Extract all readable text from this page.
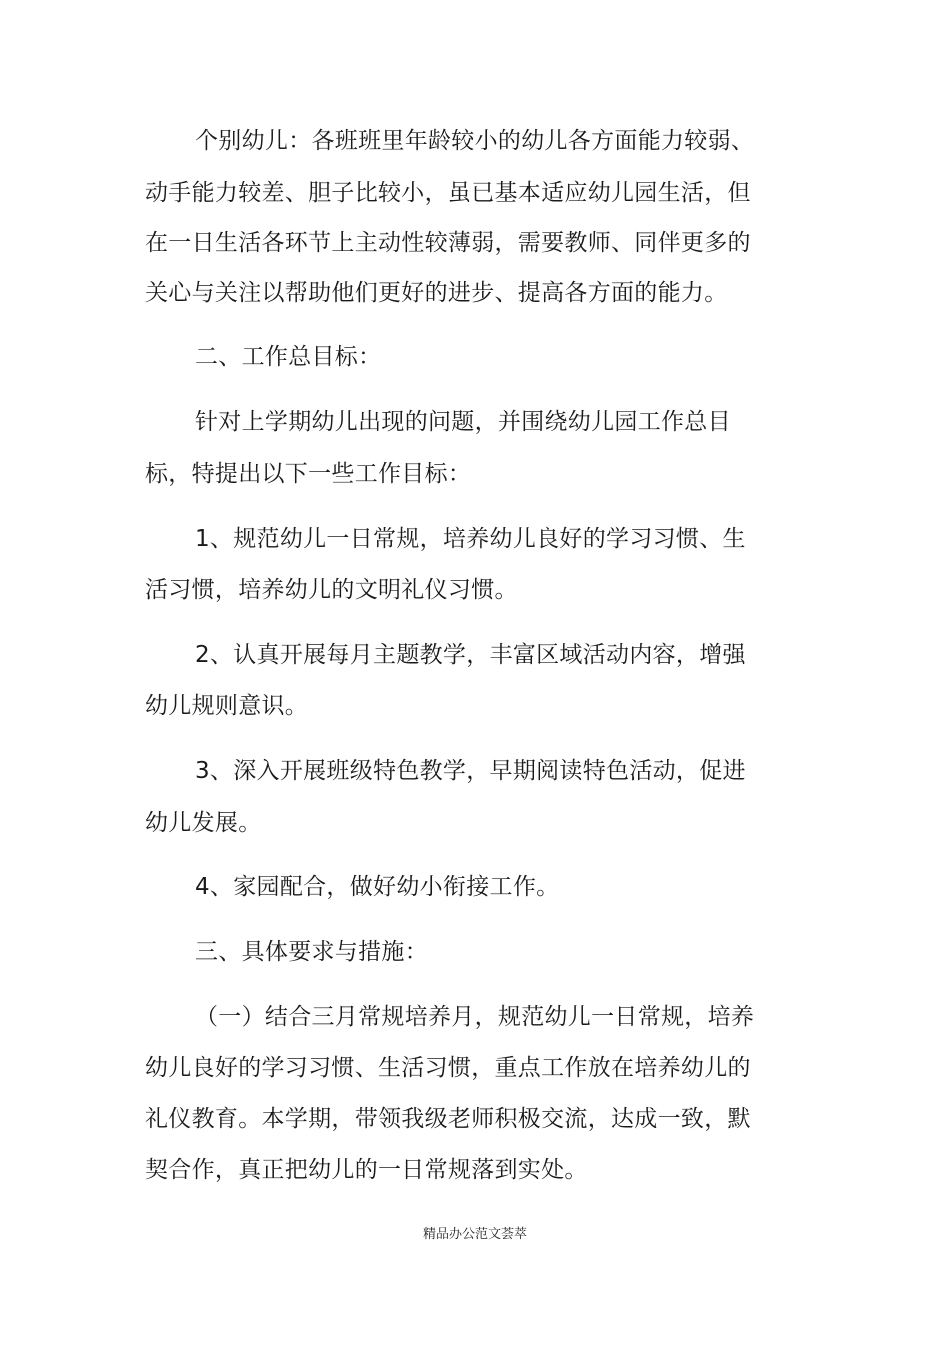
个别幼儿：各班班里年龄较小的幼儿各方面能力较弱、
动手能力较差、胆子比较小，虽已基本适应幼儿园生活，但
在一日生活各环节上主动性较薄弱，需要教师、同伴更多的
关心与关注以帮助他们更好的进步、提高各方面的能力。
二、工作总目标：
针对上学期幼儿出现的问题，并围绕幼儿园工作总目
标，特提出以下一些工作目标：
1、规范幼儿一日常规，培养幼儿良好的学习习惯、生
活习惯，培养幼儿的文明礼仪习惯。
2、认真开展每月主题教学，丰富区域活动内容，增强
幼儿规则意识。
3、深入开展班级特色教学，早期阅读特色活动，促进
幼儿发展。
4、家园配合，做好幼小衔接工作。
三、具体要求与措施：
（一）结合三月常规培养月，规范幼儿一日常规，培养
幼儿良好的学习习惯、生活习惯，重点工作放在培养幼儿的
礼仪教育。本学期，带领我级老师积极交流，达成一致，默
契合作，真正把幼儿的一日常规落到实处。
精品办公范文荟萃
